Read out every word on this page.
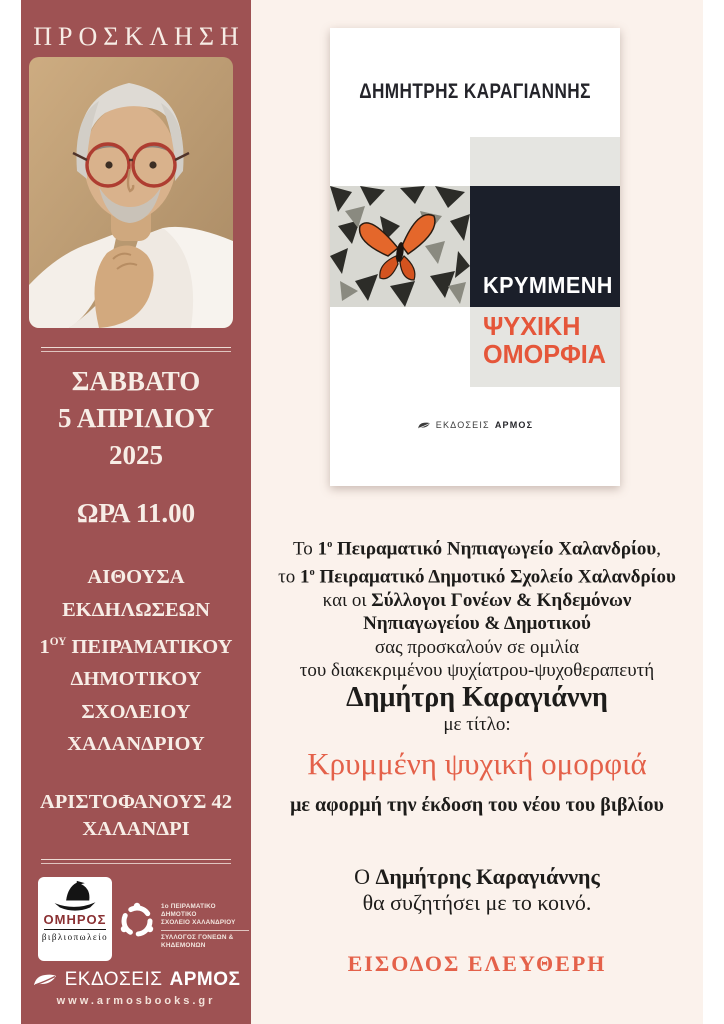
ΠΡΟΣΚΛΗΣΗ
ΣΑΒΒΑΤΟ
5 ΑΠΡΙΛΙΟΥ
2025
ΩΡΑ 11.00
ΑΙΘΟΥΣΑ
ΕΚΔΗΛΩΣΕΩΝ
$1^{O\Upsilon}$ ΠΕΙΡΑΜΑΤΙΚΟΥ
ΔΗΜΟΤΙΚΟΥ
ΣΧΟΛΕΙΟΥ
ΧΑΛΑΝΔΡΙΟΥ
ΑΡΙΣΤΟΦΑΝΟΥΣ 42
ΧΑΛΑΝΔΡΙ
ΟΜΗΡΟΣ
βιβλιοπωλείο
1ο ΠΕΙΡΑΜΑΤΙΚΟ ΔΗΜΟΤΙΚΟ
ΣΧΟΛΕΙΟ ΧΑΛΑΝΔΡΙΟΥ
ΣΥΛΛΟΓΟΣ ΓΟΝΕΩΝ & ΚΗΔΕΜΟΝΩΝ
ΕΚΔΟΣΕΙΣ ΑΡΜΟΣ
www.armosbooks.gr
ΔΗΜΗΤΡΗΣ ΚΑΡΑΓΙΑΝΝΗΣ
ΚΡΥΜΜΕΝΗ
ΨΥΧΙΚΗ
ΟΜΟΡΦΙΑ
ΕΚΔΟΣΕΙΣ ΑΡΜΟΣ
Το $1^o$ Πειραματικό Νηπιαγωγείο Χαλανδρίου,
το $1^o$ Πειραματικό Δημοτικό Σχολείο Χαλανδρίου
και οι Σύλλογοι Γονέων & Κηδεμόνων
Νηπιαγωγείου & Δημοτικού
σας προσκαλούν σε ομιλία
του διακεκριμένου ψυχίατρου-ψυχοθεραπευτή
Δημήτρη Καραγιάννη
με τίτλο:
Κρυμμένη ψυχική ομορφιά
με αφορμή την έκδοση του νέου του βιβλίου
Ο Δημήτρης Καραγιάννης
θα συζητήσει με το κοινό.
ΕΙΣΟΔΟΣ ΕΛΕΥΘΕΡΗ
